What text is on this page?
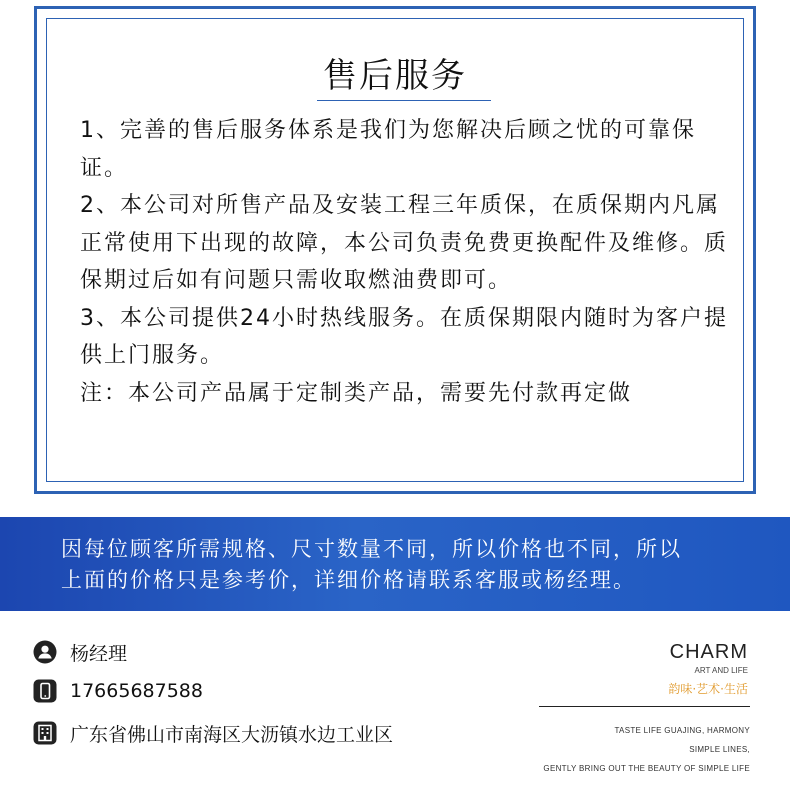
售后服务

1、完善的售后服务体系是我们为您解决后顾之忧的可靠保证。

2、本公司对所售产品及安装工程三年质保，在质保期内凡属正常使用下出现的故障，本公司负责免费更换配件及维修。质保期过后如有问题只需收取燃油费即可。

3、本公司提供24小时热线服务。在质保期限内随时为客户提供上门服务。

注：本公司产品属于定制类产品，需要先付款再定做

因每位顾客所需规格、尺寸数量不同，所以价格也不同，所以
上面的价格只是参考价，详细价格请联系客服或杨经理。
杨经理
17665687588
广东省佛山市南海区大沥镇水边工业区
CHARM
ART AND LIFE
韵味·艺术·生活
TASTE LIFE GUAJING, HARMONY
SIMPLE LINES,
GENTLY BRING OUT THE BEAUTY OF SIMPLE LIFE
